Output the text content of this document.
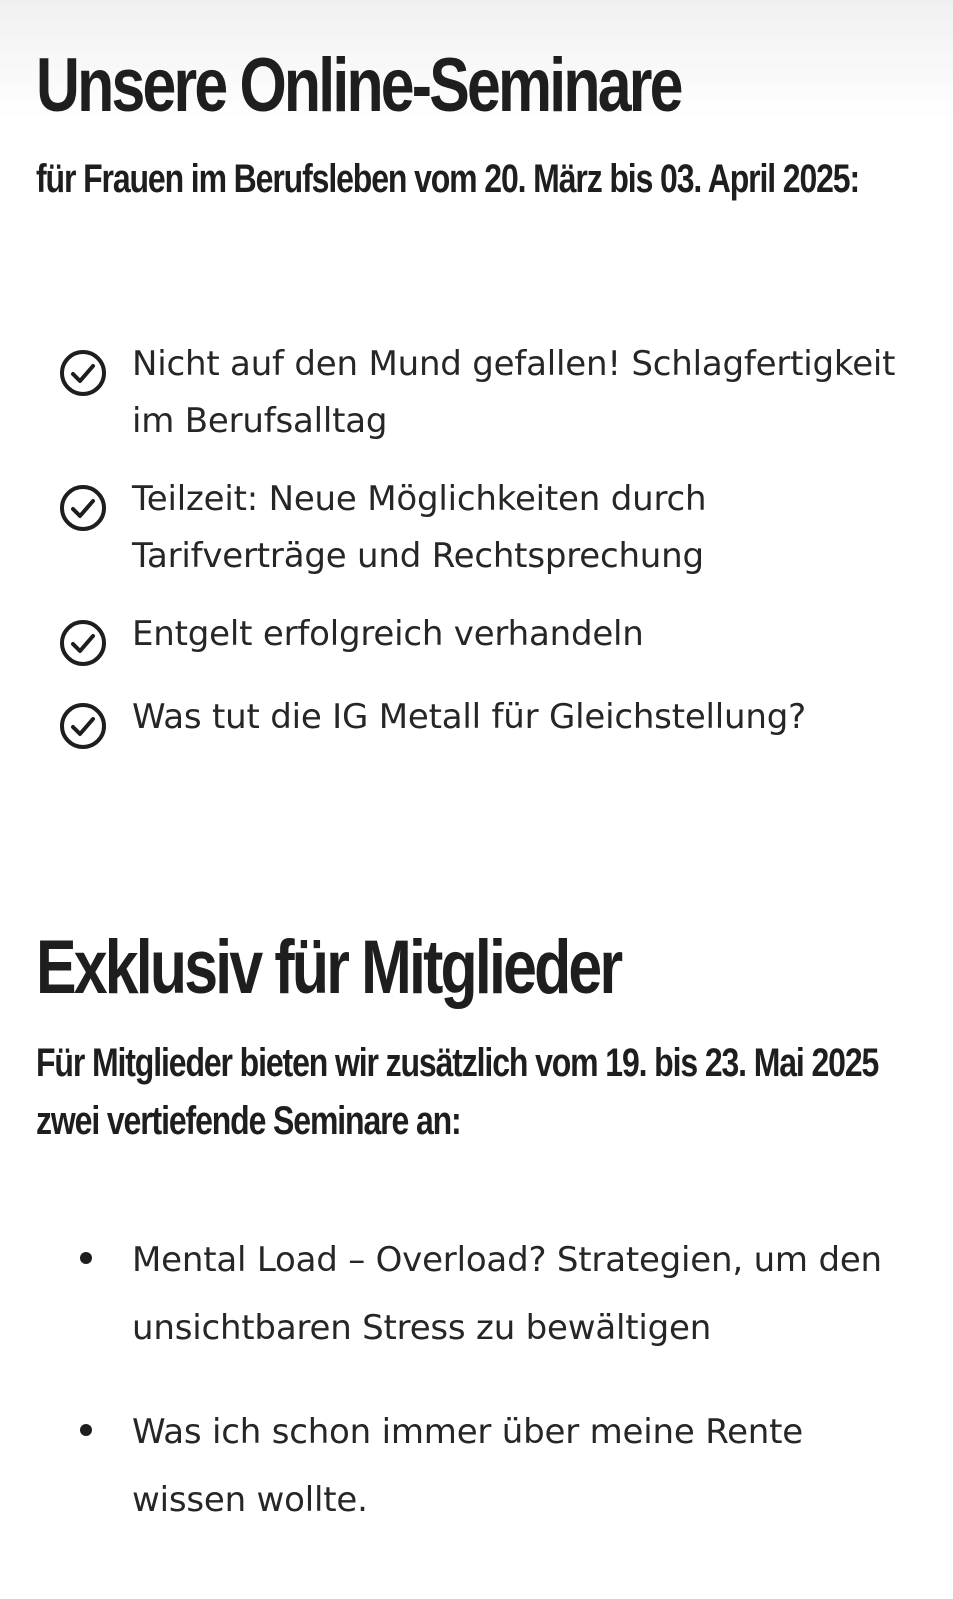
Unsere Online-Seminare

für Frauen im Berufsleben vom 20. März bis 03. April 2025:

Nicht auf den Mund gefallen! Schlagfertigkeit im Berufsalltag
Teilzeit: Neue Möglichkeiten durch Tarifverträge und Rechtsprechung
Entgelt erfolgreich verhandeln
Was tut die IG Metall für Gleichstellung?
Exklusiv für Mitglieder

Für Mitglieder bieten wir zusätzlich vom 19. bis 23. Mai 2025 zwei vertiefende Seminare an:

Mental Load – Overload? Strategien, um den unsichtbaren Stress zu bewältigen
Was ich schon immer über meine Rente wissen wollte.
